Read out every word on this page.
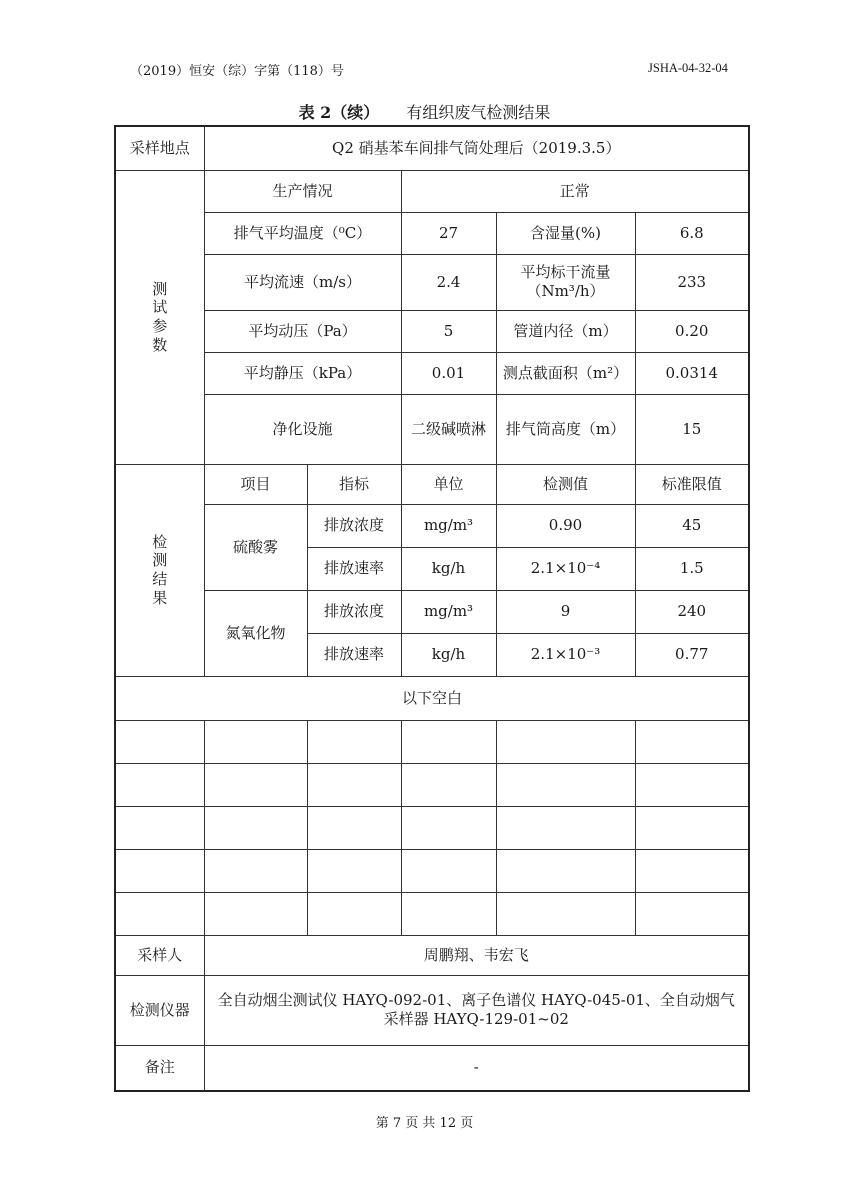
（2019）恒安（综）字第（118）号	JSHA-04-32-04
表 2（续） 有组织废气检测结果
采样地点	Q2 硝基苯车间排气筒处理后（2019.3.5）				

测
试
参
数	生产情况		正常		
	排气平均温度（⁰C）		27	含湿量(%)	6.8
	平均流速（m/s）		2.4	平均标干流量（Nm³/h）	233
	平均动压（Pa）		5	管道内径（m）	0.20
	平均静压（kPa）		0.01	测点截面积（m²）	0.0314
	净化设施		二级碱喷淋	排气筒高度（m）	15

检
测
结
果	项目	指标	单位	检测值	标准限值
	硫酸雾	排放浓度	mg/m³	0.90	45
		排放速率	kg/h	2.1×10⁻⁴	1.5
	氮氧化物	排放浓度	mg/m³	9	240
		排放速率	kg/h	2.1×10⁻³	0.77
以下空白					

采样人	周鹏翔、韦宏飞				
检测仪器	全自动烟尘测试仪 HAYQ-092-01、离子色谱仪 HAYQ-045-01、全自动烟气采样器 HAYQ-129-01~02				
备注	-				
第 7 页 共 12 页
